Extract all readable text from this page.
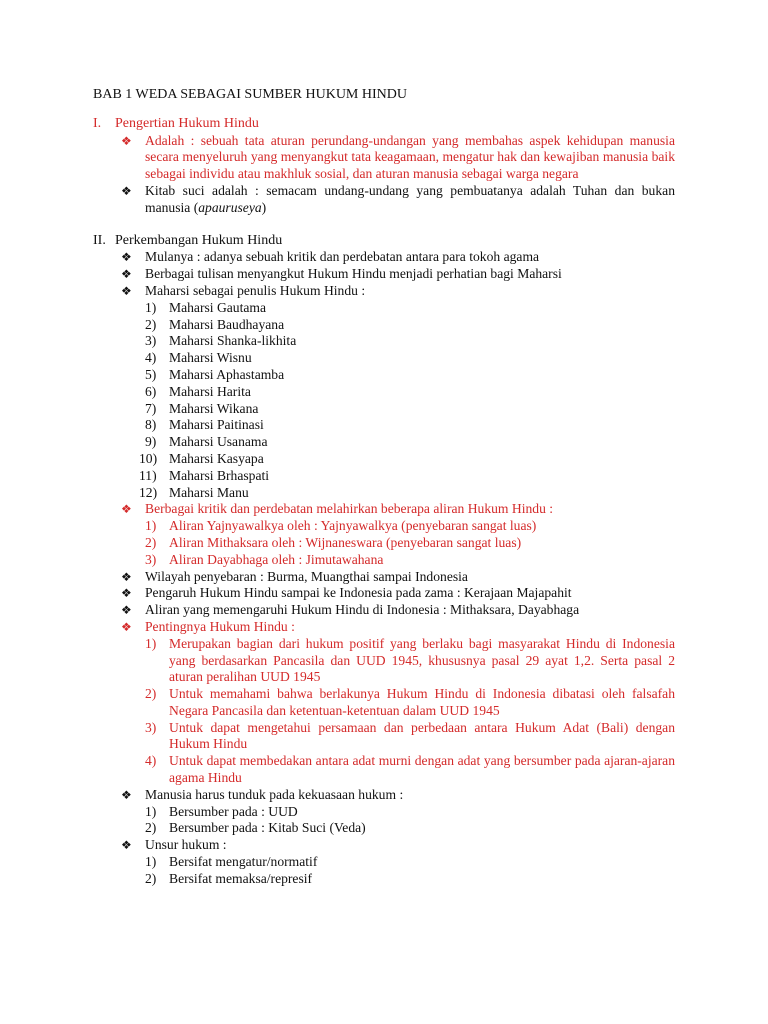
BAB 1 WEDA SEBAGAI SUMBER HUKUM HINDU
I. Pengertian Hukum Hindu
❖ Adalah : sebuah tata aturan perundang-undangan yang membahas aspek kehidupan manusia secara menyeluruh yang menyangkut tata keagamaan, mengatur hak dan kewajiban manusia baik sebagai individu atau makhluk sosial, dan aturan manusia sebagai warga negara
❖ Kitab suci adalah : semacam undang-undang yang pembuatanya adalah Tuhan dan bukan manusia (apauruseya)
II. Perkembangan Hukum Hindu
❖ Mulanya : adanya sebuah kritik dan perdebatan antara para tokoh agama
❖ Berbagai tulisan menyangkut Hukum Hindu menjadi perhatian bagi Maharsi
❖ Maharsi sebagai penulis Hukum Hindu :
1) Maharsi Gautama
2) Maharsi Baudhayana
3) Maharsi Shanka-likhita
4) Maharsi Wisnu
5) Maharsi Aphastamba
6) Maharsi Harita
7) Maharsi Wikana
8) Maharsi Paitinasi
9) Maharsi Usanama
10) Maharsi Kasyapa
11) Maharsi Brhaspati
12) Maharsi Manu
❖ Berbagai kritik dan perdebatan melahirkan beberapa aliran Hukum Hindu :
1) Aliran Yajnyawalkya oleh : Yajnyawalkya (penyebaran sangat luas)
2) Aliran Mithaksara oleh : Wijnaneswara (penyebaran sangat luas)
3) Aliran Dayabhaga oleh : Jimutawahana
❖ Wilayah penyebaran : Burma, Muangthai sampai Indonesia
❖ Pengaruh Hukum Hindu sampai ke Indonesia pada zama : Kerajaan Majapahit
❖ Aliran yang memengaruhi Hukum Hindu di Indonesia : Mithaksara, Dayabhaga
❖ Pentingnya Hukum Hindu :
1) Merupakan bagian dari hukum positif yang berlaku bagi masyarakat Hindu di Indonesia yang berdasarkan Pancasila dan UUD 1945, khususnya pasal 29 ayat 1,2. Serta pasal 2 aturan peralihan UUD 1945
2) Untuk memahami bahwa berlakunya Hukum Hindu di Indonesia dibatasi oleh falsafah Negara Pancasila dan ketentuan-ketentuan dalam UUD 1945
3) Untuk dapat mengetahui persamaan dan perbedaan antara Hukum Adat (Bali) dengan Hukum Hindu
4) Untuk dapat membedakan antara adat murni dengan adat yang bersumber pada ajaran-ajaran agama Hindu
❖ Manusia harus tunduk pada kekuasaan hukum :
1) Bersumber pada : UUD
2) Bersumber pada : Kitab Suci (Veda)
❖ Unsur hukum :
1) Bersifat mengatur/normatif
2) Bersifat memaksa/represif
